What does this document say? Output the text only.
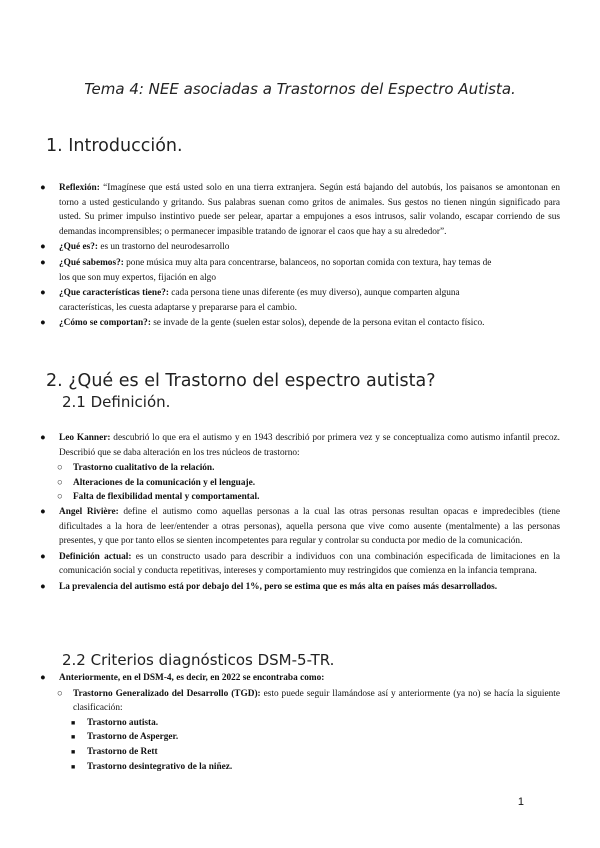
Tema 4: NEE asociadas a Trastornos del Espectro Autista.
1. Introducción.
● Reflexión: “Imagínese que está usted solo en una tierra extranjera. Según está bajando del autobús, los paisanos se amontonan en torno a usted gesticulando y gritando. Sus palabras suenan como gritos de animales. Sus gestos no tienen ningún significado para usted. Su primer impulso instintivo puede ser pelear, apartar a empujones a esos intrusos, salir volando, escapar corriendo de sus demandas incomprensibles; o permanecer impasible tratando de ignorar el caos que hay a su alrededor”.
● ¿Qué es?: es un trastorno del neurodesarrollo
● ¿Qué sabemos?: pone música muy alta para concentrarse, balanceos, no soportan comida con textura, hay temas de los que son muy expertos, fijación en algo
● ¿Que características tiene?: cada persona tiene unas diferente (es muy diverso), aunque comparten alguna características, les cuesta adaptarse y prepararse para el cambio.
● ¿Cómo se comportan?: se invade de la gente (suelen estar solos), depende de la persona evitan el contacto físico.
2. ¿Qué es el Trastorno del espectro autista?
2.1 Definición.
● Leo Kanner: descubrió lo que era el autismo y en 1943 describió por primera vez y se conceptualiza como autismo infantil precoz. Describió que se daba alteración en los tres núcleos de trastorno:
○ Trastorno cualitativo de la relación.
○ Alteraciones de la comunicación y el lenguaje.
○ Falta de flexibilidad mental y comportamental.
● Angel Rivière: define el autismo como aquellas personas a la cual las otras personas resultan opacas e impredecibles (tiene dificultades a la hora de leer/entender a otras personas), aquella persona que vive como ausente (mentalmente) a las personas presentes, y que por tanto ellos se sienten incompetentes para regular y controlar su conducta por medio de la comunicación.
● Definición actual: es un constructo usado para describir a individuos con una combinación especificada de limitaciones en la comunicación social y conducta repetitivas, intereses y comportamiento muy restringidos que comienza en la infancia temprana.
● La prevalencia del autismo está por debajo del 1%, pero se estima que es más alta en países más desarrollados.
2.2 Criterios diagnósticos DSM-5-TR.
● Anteriormente, en el DSM-4, es decir, en 2022 se encontraba como:
○ Trastorno Generalizado del Desarrollo (TGD): esto puede seguir llamándose así y anteriormente (ya no) se hacía la siguiente clasificación:
■ Trastorno autista.
■ Trastorno de Asperger.
■ Trastorno de Rett
■ Trastorno desintegrativo de la niñez.
1
